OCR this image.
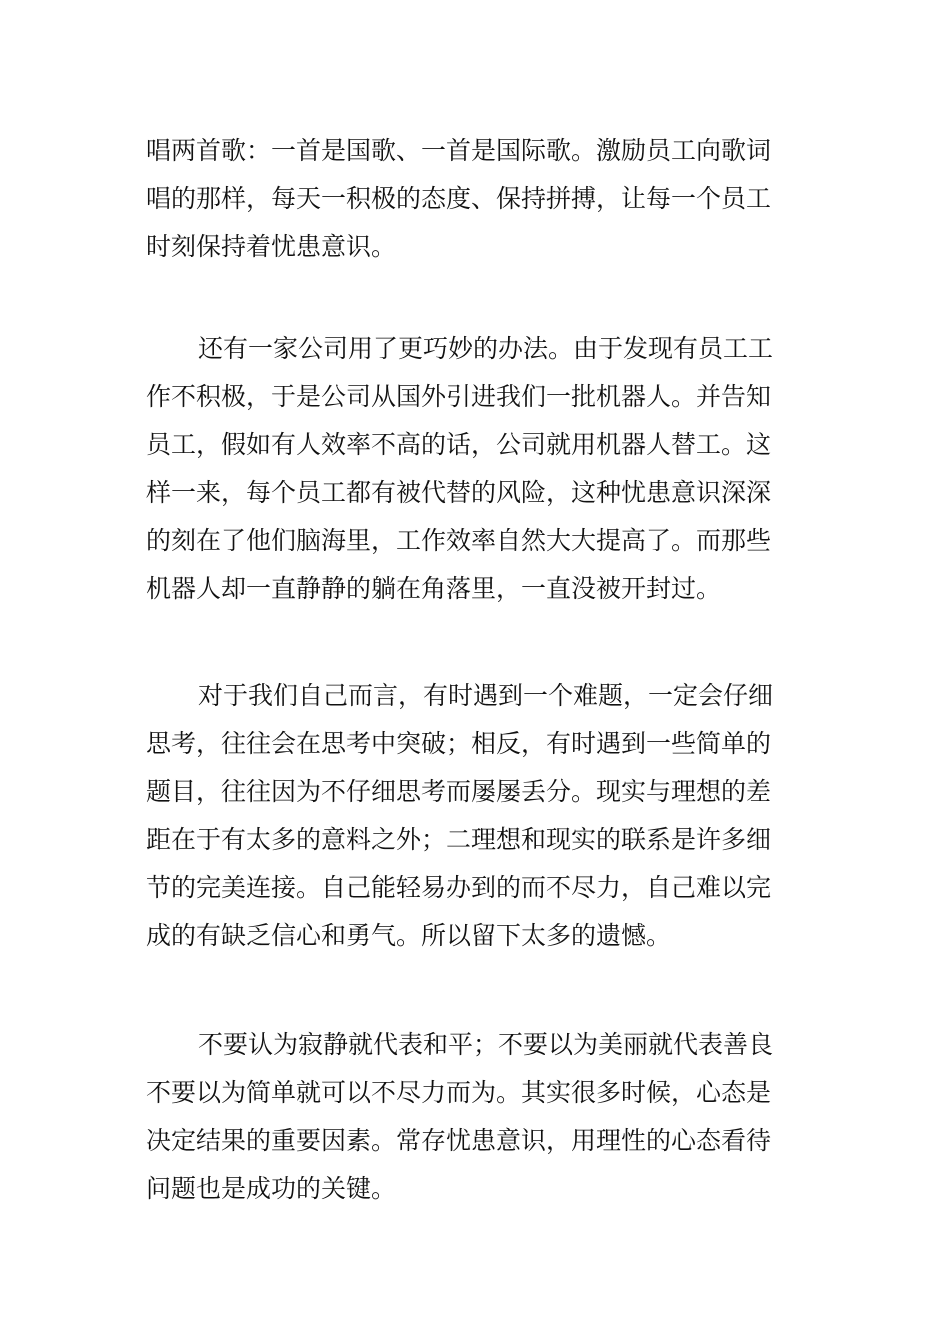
唱两首歌：一首是国歌、一首是国际歌。激励员工向歌词
唱的那样，每天一积极的态度、保持拼搏，让每一个员工
时刻保持着忧患意识。
还有一家公司用了更巧妙的办法。由于发现有员工工
作不积极，于是公司从国外引进我们一批机器人。并告知
员工，假如有人效率不高的话，公司就用机器人替工。这
样一来，每个员工都有被代替的风险，这种忧患意识深深
的刻在了他们脑海里，工作效率自然大大提高了。而那些
机器人却一直静静的躺在角落里，一直没被开封过。
对于我们自己而言，有时遇到一个难题，一定会仔细
思考，往往会在思考中突破；相反，有时遇到一些简单的
题目，往往因为不仔细思考而屡屡丢分。现实与理想的差
距在于有太多的意料之外；二理想和现实的联系是许多细
节的完美连接。自己能轻易办到的而不尽力，自己难以完
成的有缺乏信心和勇气。所以留下太多的遗憾。
不要认为寂静就代表和平；不要以为美丽就代表善良
不要以为简单就可以不尽力而为。其实很多时候，心态是
决定结果的重要因素。常存忧患意识，用理性的心态看待
问题也是成功的关键。
